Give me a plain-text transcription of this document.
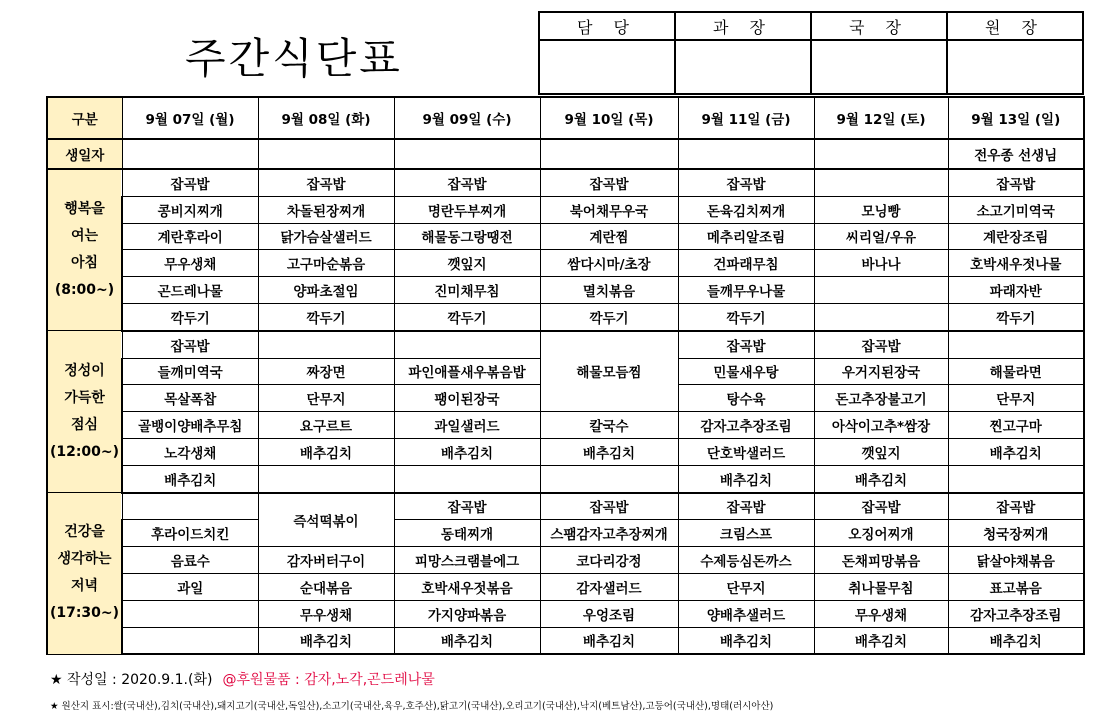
주간식단표
담 당	과 장	국 장	원 장

구분	9월 07일 (월)	9월 08일 (화)	9월 09일 (수)	9월 10일 (목)	9월 11일 (금)	9월 12일 (토)	9월 13일 (일)
생일자							전우종 선생님

행복을
여는
아침
(8:00~)	잡곡밥	잡곡밥	잡곡밥	잡곡밥	잡곡밥		잡곡밥
	콩비지찌개	차돌된장찌개	명란두부찌개	북어채무우국	돈육김치찌개	모닝빵	소고기미역국
	계란후라이	닭가슴살샐러드	해물동그랑땡전	계란찜	메추리알조림	씨리얼/우유	계란장조림
	무우생채	고구마순볶음	깻잎지	쌈다시마/초장	건파래무침	바나나	호박새우젓나물
	곤드레나물	양파초절임	진미채무침	멸치볶음	들깨무우나물		파래자반
	깍두기	깍두기	깍두기	깍두기	깍두기		깍두기

정성이
가득한
점심
(12:00~)	잡곡밥			해물모듬찜	잡곡밥	잡곡밥	
	들깨미역국	짜장면	파인애플새우볶음밥		민물새우탕	우거지된장국	해물라면
	목살폭찹	단무지	팽이된장국		탕수육	돈고추장불고기	단무지
	골뱅이양배추무침	요구르트	과일샐러드	칼국수	감자고추장조림	아삭이고추*쌈장	찐고구마
	노각생채	배추김치	배추김치	배추김치	단호박샐러드	깻잎지	배추김치
	배추김치				배추김치	배추김치	

건강을
생각하는
저녁
(17:30~)		즉석떡볶이	잡곡밥	잡곡밥	잡곡밥	잡곡밥	잡곡밥
	후라이드치킨		동태찌개	스팸감자고추장찌개	크림스프	오징어찌개	청국장찌개
	음료수	감자버터구이	피망스크램블에그	코다리강정	수제등심돈까스	돈채피망볶음	닭살야채볶음
	과일	순대볶음	호박새우젓볶음	감자샐러드	단무지	취나물무침	표고볶음
		무우생채	가지양파볶음	우엉조림	양배추샐러드	무우생채	감자고추장조림
		배추김치	배추김치	배추김치	배추김치	배추김치	배추김치
★ 작성일 : 2020.9.1.(화) @후원물품 : 감자,노각,곤드레나물
★ 원산지 표시:쌀(국내산),김치(국내산),돼지고기(국내산,독일산),소고기(국내산,육우,호주산),닭고기(국내산),오리고기(국내산),낙지(베트남산),고등어(국내산),명태(러시아산)
